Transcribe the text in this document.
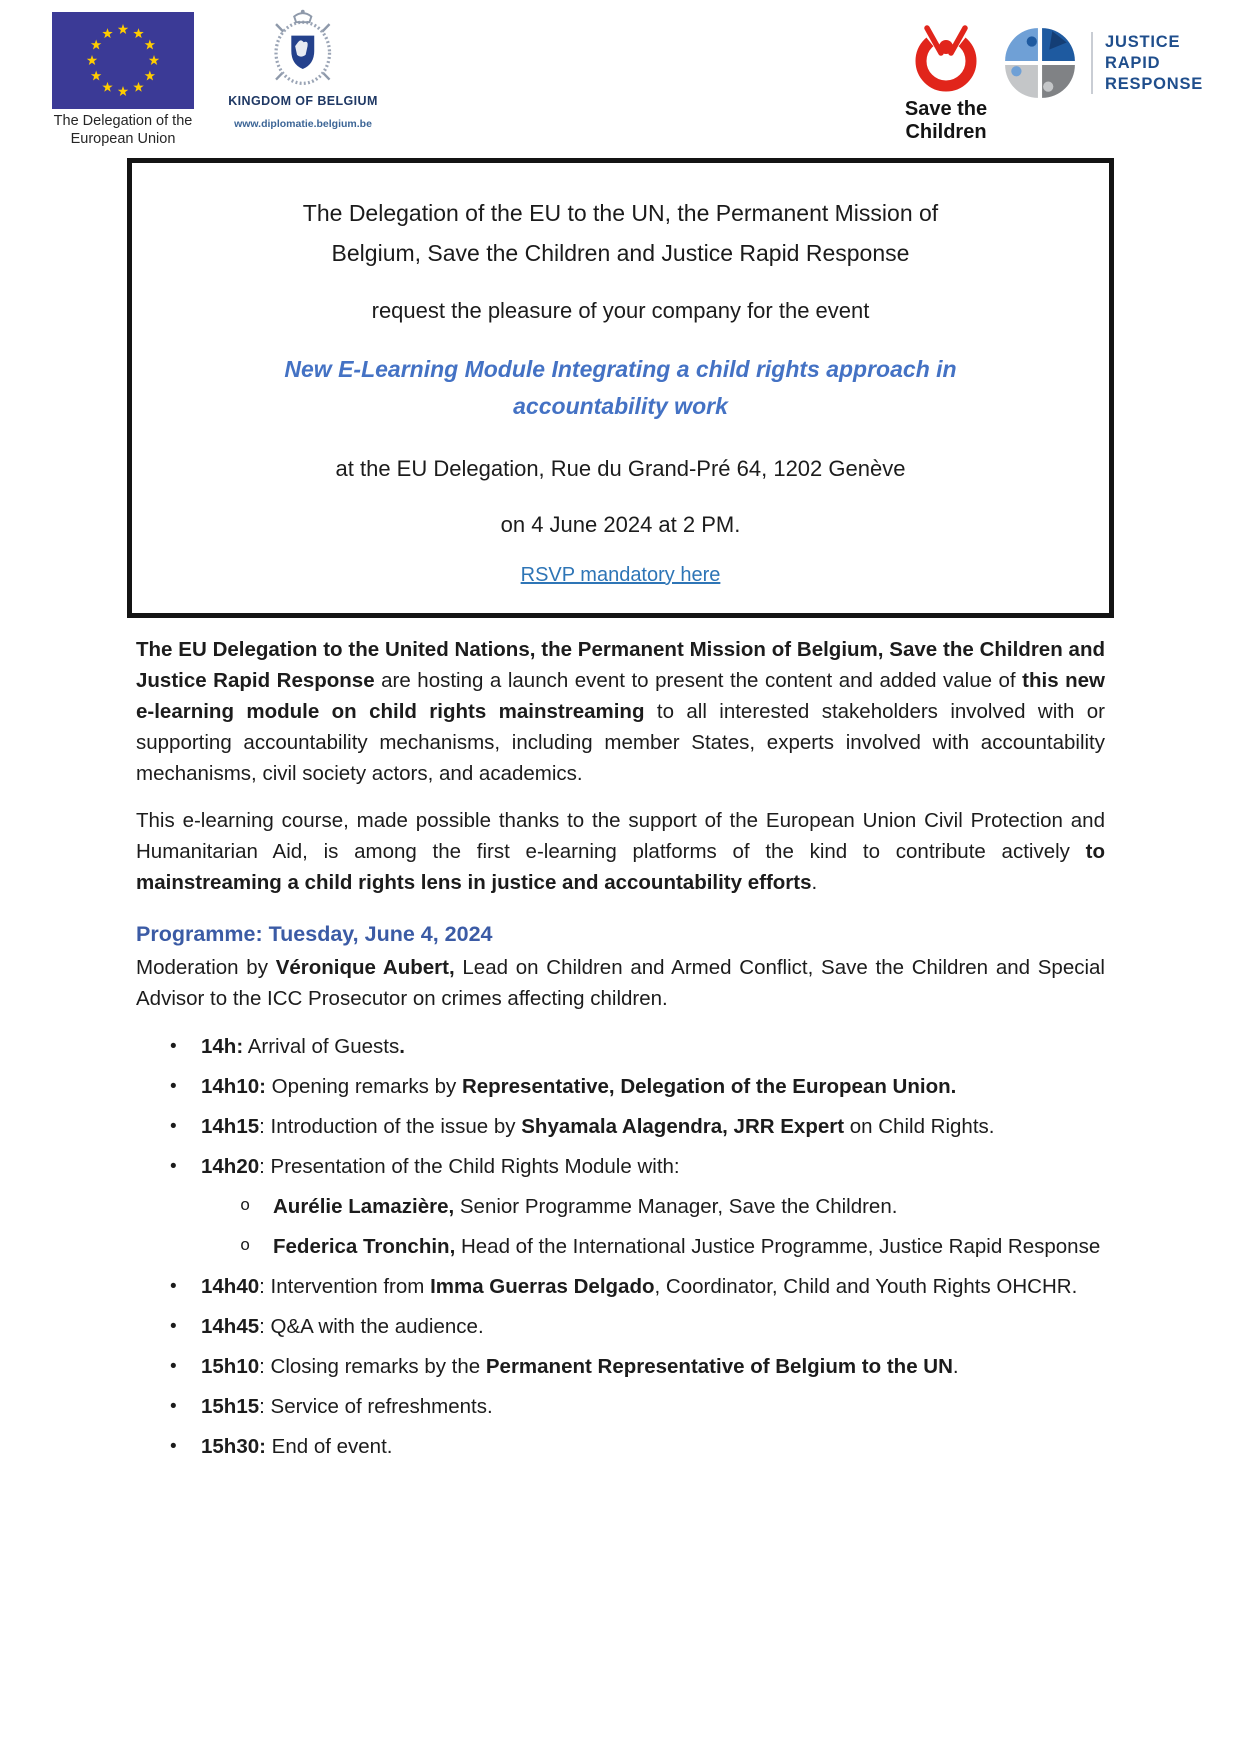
The Delegation of the
European Union
KINGDOM OF BELGIUM
www.diplomatie.belgium.be
Save the
Children
JUSTICE
RAPID
RESPONSE
The Delegation of the EU to the UN, the Permanent Mission of
Belgium, Save the Children and Justice Rapid Response
request the pleasure of your company for the event
New E-Learning Module Integrating a child rights approach in
accountability work
at the EU Delegation, Rue du Grand-Pré 64, 1202 Genève
on 4 June 2024 at 2 PM.
RSVP mandatory here

The EU Delegation to the United Nations, the Permanent Mission of Belgium, Save the Children and Justice Rapid Response are hosting a launch event to present the content and added value of this new e-learning module on child rights mainstreaming to all interested stakeholders involved with or supporting accountability mechanisms, including member States, experts involved with accountability mechanisms, civil society actors, and academics.

This e-learning course, made possible thanks to the support of the European Union Civil Protection and Humanitarian Aid, is among the first e-learning platforms of the kind to contribute actively to mainstreaming a child rights lens in justice and accountability efforts.

Programme: Tuesday, June 4, 2024
Moderation by Véronique Aubert, Lead on Children and Armed Conflict, Save the Children and Special Advisor to the ICC Prosecutor on crimes affecting children.
•	14h: Arrival of Guests.
•	14h10: Opening remarks by Representative, Delegation of the European Union.
•	14h15: Introduction of the issue by Shyamala Alagendra, JRR Expert on Child Rights.
•	14h20: Presentation of the Child Rights Module with:
o	Aurélie Lamazière, Senior Programme Manager, Save the Children.
o	Federica Tronchin, Head of the International Justice Programme, Justice Rapid Response
•	14h40: Intervention from Imma Guerras Delgado, Coordinator, Child and Youth Rights OHCHR.
•	14h45: Q&A with the audience.
•	15h10: Closing remarks by the Permanent Representative of Belgium to the UN.
•	15h15: Service of refreshments.
•	15h30: End of event.
